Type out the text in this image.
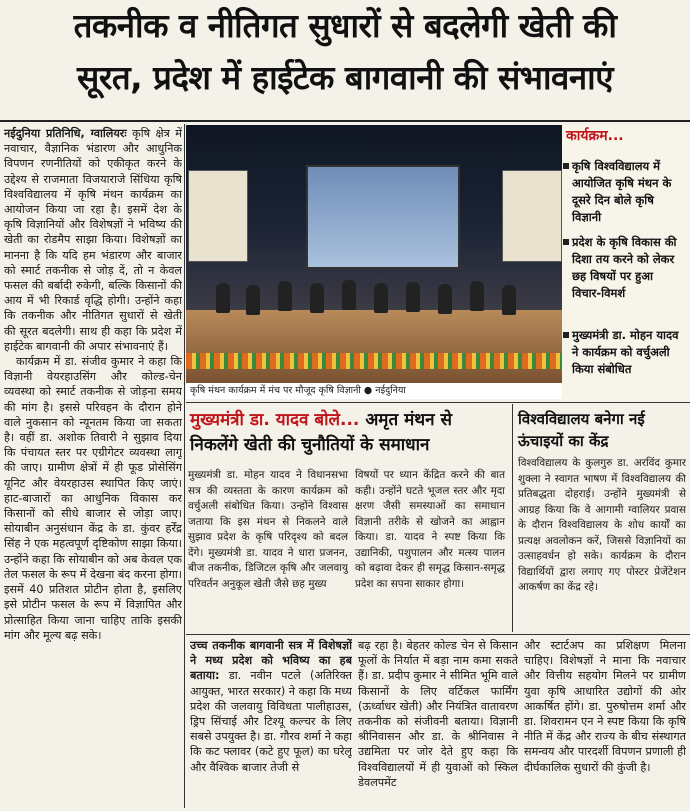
तकनीक व नीतिगत सुधारों से बदलेगी खेती की
सूरत, प्रदेश में हाईटेक बागवानी की संभावनाएं

नईदुनिया प्रतिनिधि, ग्वालियरः कृषि क्षेत्र में नवाचार, वैज्ञानिक भंडारण और आधुनिक विपणन रणनीतियों को एकीकृत करने के उद्देश्य से राजमाता विजयाराजे सिंधिया कृषि विश्वविद्यालय में कृषि मंथन कार्यक्रम का आयोजन किया जा रहा है। इसमें देश के कृषि विज्ञानियों और विशेषज्ञों ने भविष्य की खेती का रोडमैप साझा किया। विशेषज्ञों का मानना है कि यदि हम भंडारण और बाजार को स्मार्ट तकनीक से जोड़ दें, तो न केवल फसल की बर्बादी रुकेगी, बल्कि किसानों की आय में भी रिकार्ड वृद्धि होगी। उन्होंने कहा कि तकनीक और नीतिगत सुधारों से खेती की सूरत बदलेगी। साथ ही कहा कि प्रदेश में हाईटेक बागवानी की अपार संभावनाएं हैं।

कार्यक्रम में डा. संजीव कुमार ने कहा कि विज्ञानी वेयरहाउसिंग और कोल्ड-चेन व्यवस्था को स्मार्ट तकनीक से जोड़ना समय की मांग है। इससे परिवहन के दौरान होने वाले नुकसान को न्यूनतम किया जा सकता है। वहीं डा. अशोक तिवारी ने सुझाव दिया कि पंचायत स्तर पर एग्रीगेटर व्यवस्था लागू की जाए। ग्रामीण क्षेत्रों में ही फूड प्रोसेसिंग यूनिट और वेयरहाउस स्थापित किए जाएं। हाट-बाजारों का आधुनिक विकास कर किसानों को सीधे बाजार से जोड़ा जाए। सोयाबीन अनुसंधान केंद्र के डा. कुंवर हर्रेंद्र सिंह ने एक महत्वपूर्ण दृष्टिकोण साझा किया। उन्होंने कहा कि सोयाबीन को अब केवल एक तेल फसल के रूप में देखना बंद करना होगा। इसमें 40 प्रतिशत प्रोटीन होता है, इसलिए इसे प्रोटीन फसल के रूप में विज्ञापित और प्रोत्साहित किया जाना चाहिए ताकि इसकी मांग और मूल्य बढ़ सके।

कृषि मंथन कार्यक्रम में मंच पर मौजूद कृषि विज्ञानी ● नईदुनिया
कार्यक्रम...
कृषि विश्वविद्यालय में आयोजित कृषि मंथन के दूसरे दिन बोले कृषि विज्ञानी
प्रदेश के कृषि विकास की दिशा तय करने को लेकर छह विषयों पर हुआ विचार-विमर्श
मुख्यमंत्री डा. मोहन यादव ने कार्यक्रम को वर्चुअली किया संबोधित
मुख्यमंत्री डा. यादव बोले... अमृत मंथन से
निकलेंगे खेती की चुनौतियों के समाधान
मुख्यमंत्री डा. मोहन यादव ने विधानसभा सत्र की व्यस्तता के कारण कार्यक्रम को वर्चुअली संबोधित किया। उन्होंने विश्वास जताया कि इस मंथन से निकलने वाले सुझाव प्रदेश के कृषि परिदृश्य को बदल देंगे। मुख्यमंत्री डा. यादव ने धारा प्रजनन, बीज तकनीक, डिजिटल कृषि और जलवायु परिवर्तन अनुकूल खेती जैसे छह मुख्य
विषयों पर ध्यान केंद्रित करने की बात कही। उन्होंने घटते भूजल स्तर और मृदा क्षरण जैसी समस्याओं का समाधान विज्ञानी तरीके से खोजने का आह्वान किया। डा. यादव ने स्पष्ट किया कि उद्यानिकी, पशुपालन और मत्स्य पालन को बढ़ावा देकर ही समृद्ध किसान-समृद्ध प्रदेश का सपना साकार होगा।
विश्वविद्यालय बनेगा नई
ऊंचाइयों का केंद्र
विश्वविद्यालय के कुलगुरु डा. अरविंद कुमार शुक्ला ने स्वागत भाषण में विश्वविद्यालय की प्रतिबद्धता दोहराई। उन्होंने मुख्यमंत्री से आग्रह किया कि वे आगामी ग्वालियर प्रवास के दौरान विश्वविद्यालय के शोध कार्यों का प्रत्यक्ष अवलोकन करें, जिससे विज्ञानियों का उत्साहवर्धन हो सके। कार्यक्रम के दौरान विद्यार्थियों द्वारा लगाए गए पोस्टर प्रेजेंटेशन आकर्षण का केंद्र रहे।
उच्च तकनीक बागवानी सत्र में विशेषज्ञों ने मध्य प्रदेश को भविष्य का हब बताया: डा. नवीन पटले (अतिरिक्त आयुक्त, भारत सरकार) ने कहा कि मध्य प्रदेश की जलवायु विविधता पालीहाउस, ड्रिप सिंचाई और टिश्यू कल्चर के लिए सबसे उपयुक्त है। डा. गौरव शर्मा ने कहा कि कट फ्लावर (कटे हुए फूल) का घरेलू और वैश्विक बाजार तेजी से
बढ़ रहा है। बेहतर कोल्ड चेन से किसान फूलों के निर्यात में बड़ा नाम कमा सकते हैं। डा. प्रदीप कुमार ने सीमित भूमि वाले किसानों के लिए वर्टिकल फार्मिंग (ऊर्ध्वाधर खेती) और नियंत्रित वातावरण तकनीक को संजीवनी बताया। विज्ञानी श्रीनिवासन और डा. के श्रीनिवास ने उद्यमिता पर जोर देते हुए कहा कि विश्वविद्यालयों में ही युवाओं को स्किल डेवलपमेंट
और स्टार्टअप का प्रशिक्षण मिलना चाहिए। विशेषज्ञों ने माना कि नवाचार और वित्तीय सहयोग मिलने पर ग्रामीण युवा कृषि आधारित उद्योगों की ओर आकर्षित होंगे। डा. पुरुषोत्तम शर्मा और डा. शिवरामन एन ने स्पष्ट किया कि कृषि नीति में केंद्र और राज्य के बीच संस्थागत समन्वय और पारदर्शी विपणन प्रणाली ही दीर्घकालिक सुधारों की कुंजी है।
